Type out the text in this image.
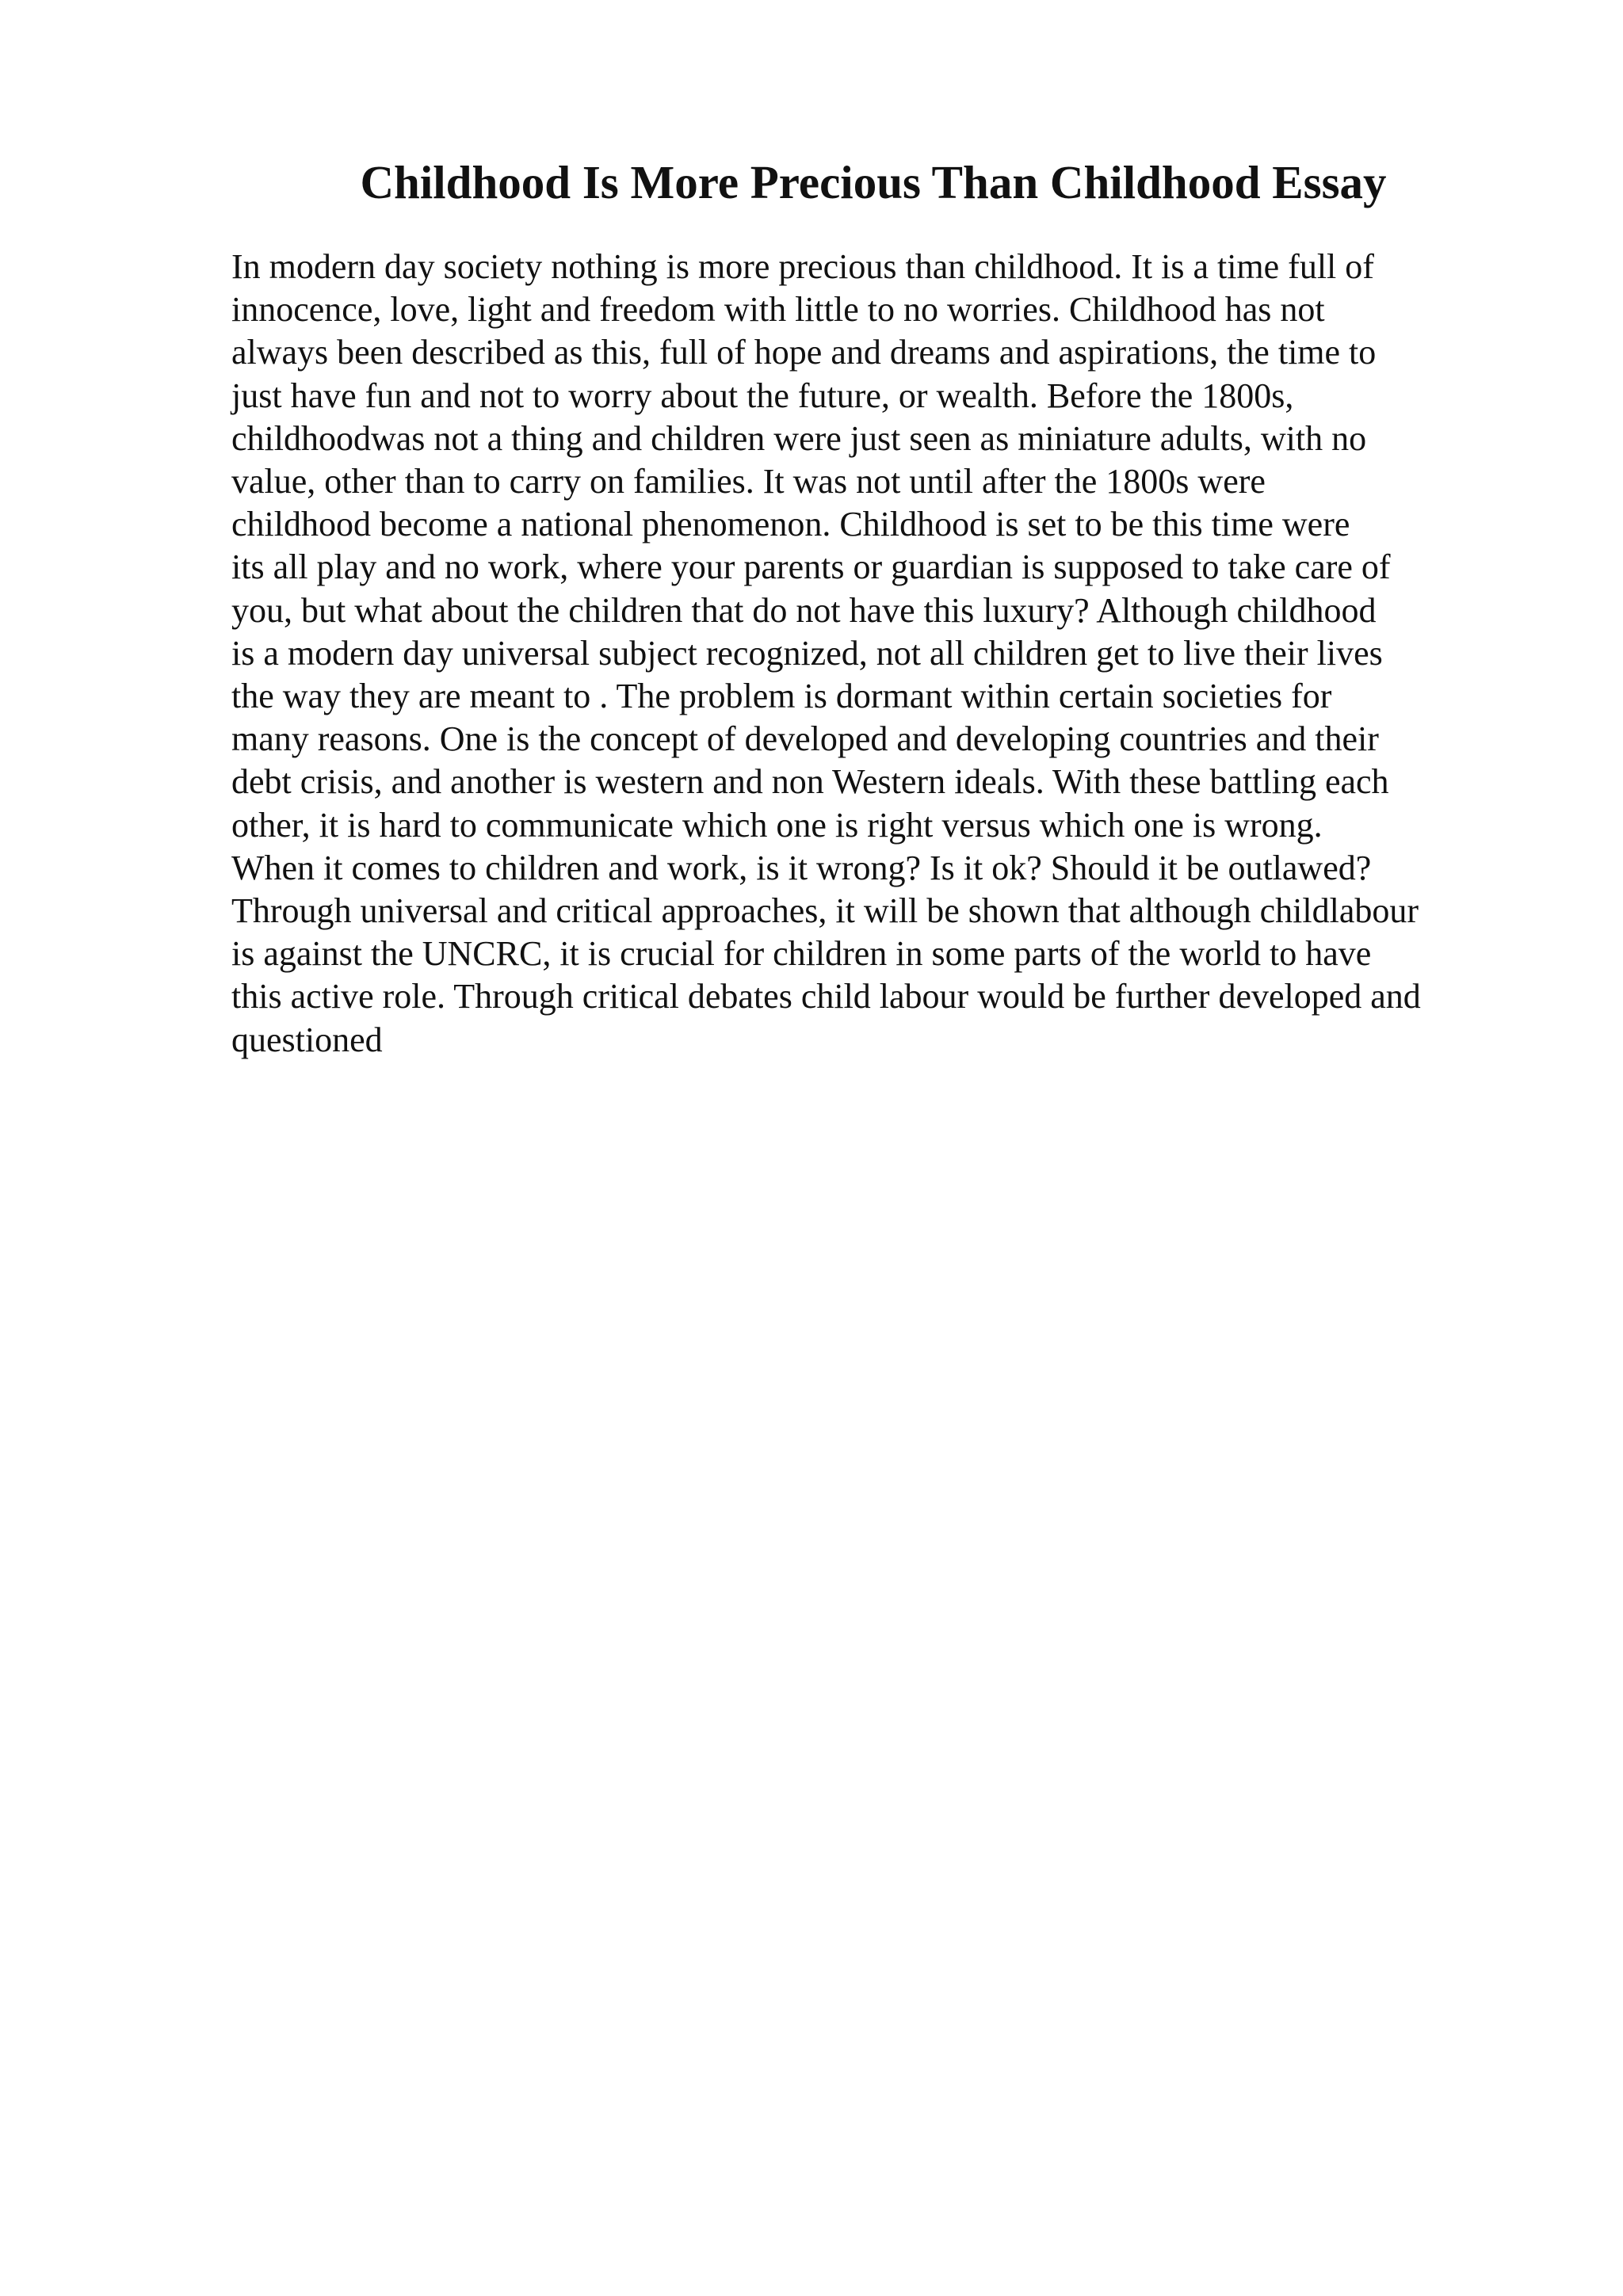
Childhood Is More Precious Than Childhood Essay
In modern day society nothing is more precious than childhood. It is a time full of
innocence, love, light and freedom with little to no worries. Childhood has not
always been described as this, full of hope and dreams and aspirations, the time to
just have fun and not to worry about the future, or wealth. Before the 1800s,
childhoodwas not a thing and children were just seen as miniature adults, with no
value, other than to carry on families. It was not until after the 1800s were
childhood become a national phenomenon. Childhood is set to be this time were
its all play and no work, where your parents or guardian is supposed to take care of
you, but what about the children that do not have this luxury? Although childhood
is a modern day universal subject recognized, not all children get to live their lives
the way they are meant to . The problem is dormant within certain societies for
many reasons. One is the concept of developed and developing countries and their
debt crisis, and another is western and non Western ideals. With these battling each
other, it is hard to communicate which one is right versus which one is wrong.
When it comes to children and work, is it wrong? Is it ok? Should it be outlawed?
Through universal and critical approaches, it will be shown that although childlabour
is against the UNCRC, it is crucial for children in some parts of the world to have
this active role. Through critical debates child labour would be further developed and
questioned
